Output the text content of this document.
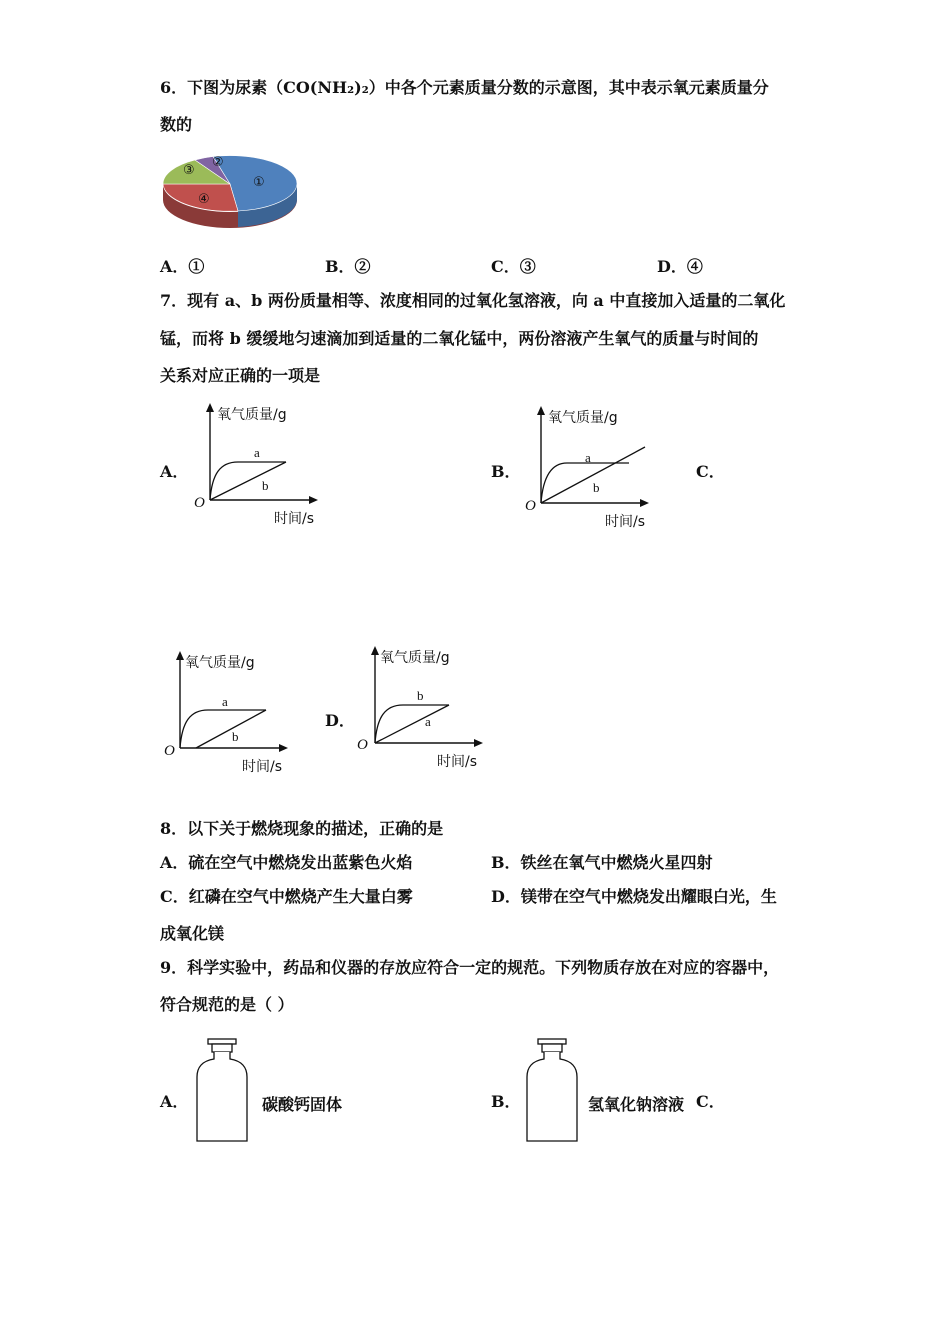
6．下图为尿素（CO(NH₂)₂）中各个元素质量分数的示意图，其中表示氧元素质量分
数的
①
②
③
④
A．①	B．②	C．③	D．④
7．现有 a、b 两份质量相等、浓度相同的过氧化氢溶液，向 a 中直接加入适量的二氧化
锰，而将 b 缓缓地匀速滴加到适量的二氧化锰中，两份溶液产生氧气的质量与时间的
关系对应正确的一项是
A．	B．	C．
D．
氧气质量/g
时间/s
O
a
b
氧气质量/g
时间/s
O
a
b
氧气质量/g
时间/s
O
a
b
氧气质量/g
时间/s
O
b
a
8．以下关于燃烧现象的描述，正确的是
A．硫在空气中燃烧发出蓝紫色火焰	B．铁丝在氧气中燃烧火星四射
C．红磷在空气中燃烧产生大量白雾	D．镁带在空气中燃烧发出耀眼白光，生
成氧化镁
9．科学实验中，药品和仪器的存放应符合一定的规范。下列物质存放在对应的容器中，
符合规范的是（ ）
A．	碳酸钙固体	B．	氢氧化钠溶液 C．
